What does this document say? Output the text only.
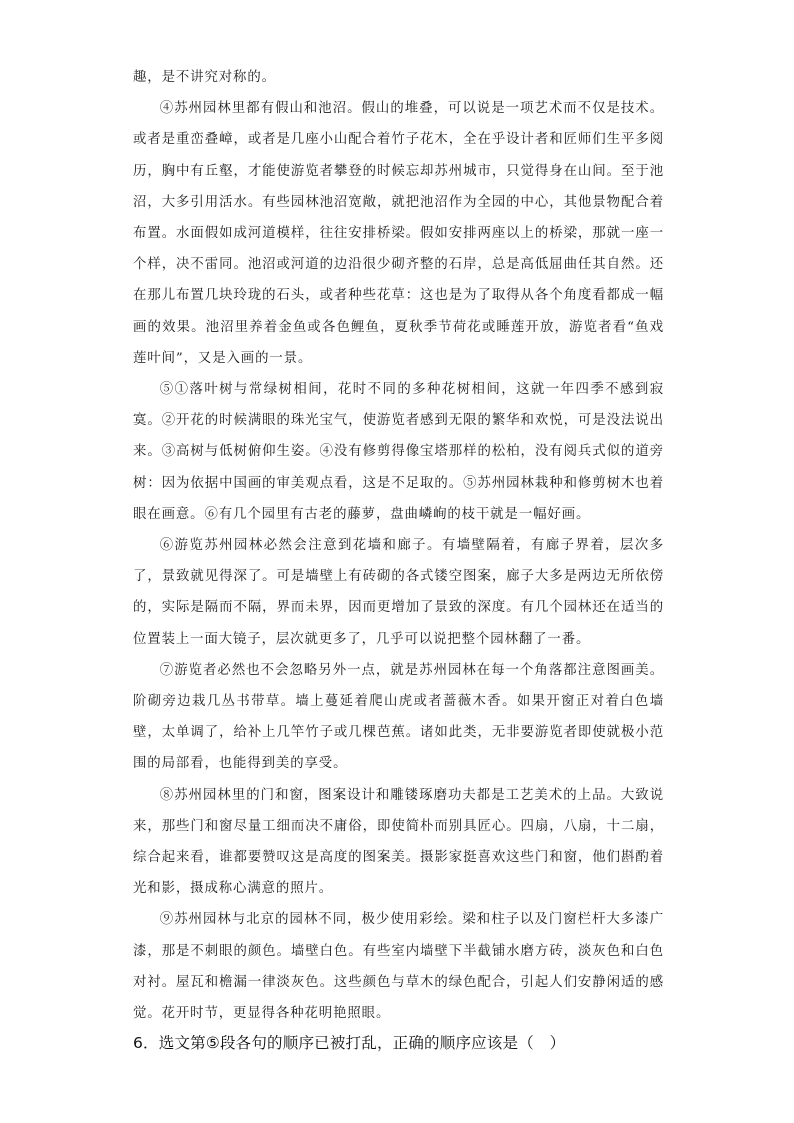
趣，是不讲究对称的。

④苏州园林里都有假山和池沼。假山的堆叠，可以说是一项艺术而不仅是技术。或者是重峦叠嶂，或者是几座小山配合着竹子花木，全在乎设计者和匠师们生平多阅历，胸中有丘壑，才能使游览者攀登的时候忘却苏州城市，只觉得身在山间。至于池沼，大多引用活水。有些园林池沼宽敞，就把池沼作为全园的中心，其他景物配合着布置。水面假如成河道模样，往往安排桥梁。假如安排两座以上的桥梁，那就一座一个样，决不雷同。池沼或河道的边沿很少砌齐整的石岸，总是高低屈曲任其自然。还在那儿布置几块玲珑的石头，或者种些花草：这也是为了取得从各个角度看都成一幅画的效果。池沼里养着金鱼或各色鲤鱼，夏秋季节荷花或睡莲开放，游览者看“鱼戏莲叶间”，又是入画的一景。

⑤①落叶树与常绿树相间，花时不同的多种花树相间，这就一年四季不感到寂寞。②开花的时候满眼的珠光宝气，使游览者感到无限的繁华和欢悦，可是没法说出来。③高树与低树俯仰生姿。④没有修剪得像宝塔那样的松柏，没有阅兵式似的道旁树：因为依据中国画的审美观点看，这是不足取的。⑤苏州园林栽种和修剪树木也着眼在画意。⑥有几个园里有古老的藤萝，盘曲嶙峋的枝干就是一幅好画。

⑥游览苏州园林必然会注意到花墙和廊子。有墙壁隔着，有廊子界着，层次多了，景致就见得深了。可是墙壁上有砖砌的各式镂空图案，廊子大多是两边无所依傍的，实际是隔而不隔，界而未界，因而更增加了景致的深度。有几个园林还在适当的位置装上一面大镜子，层次就更多了，几乎可以说把整个园林翻了一番。

⑦游览者必然也不会忽略另外一点，就是苏州园林在每一个角落都注意图画美。阶砌旁边栽几丛书带草。墙上蔓延着爬山虎或者蔷薇木香。如果开窗正对着白色墙壁，太单调了，给补上几竿竹子或几棵芭蕉。诸如此类，无非要游览者即使就极小范围的局部看，也能得到美的享受。

⑧苏州园林里的门和窗，图案设计和雕镂琢磨功夫都是工艺美术的上品。大致说来，那些门和窗尽量工细而决不庸俗，即使简朴而别具匠心。四扇，八扇，十二扇，综合起来看，谁都要赞叹这是高度的图案美。摄影家挺喜欢这些门和窗，他们斟酌着光和影，摄成称心满意的照片。

⑨苏州园林与北京的园林不同，极少使用彩绘。梁和柱子以及门窗栏杆大多漆广漆，那是不刺眼的颜色。墙壁白色。有些室内墙壁下半截铺水磨方砖，淡灰色和白色对衬。屋瓦和檐漏一律淡灰色。这些颜色与草木的绿色配合，引起人们安静闲适的感觉。花开时节，更显得各种花明艳照眼。

6．选文第⑤段各句的顺序已被打乱，正确的顺序应该是（　）
